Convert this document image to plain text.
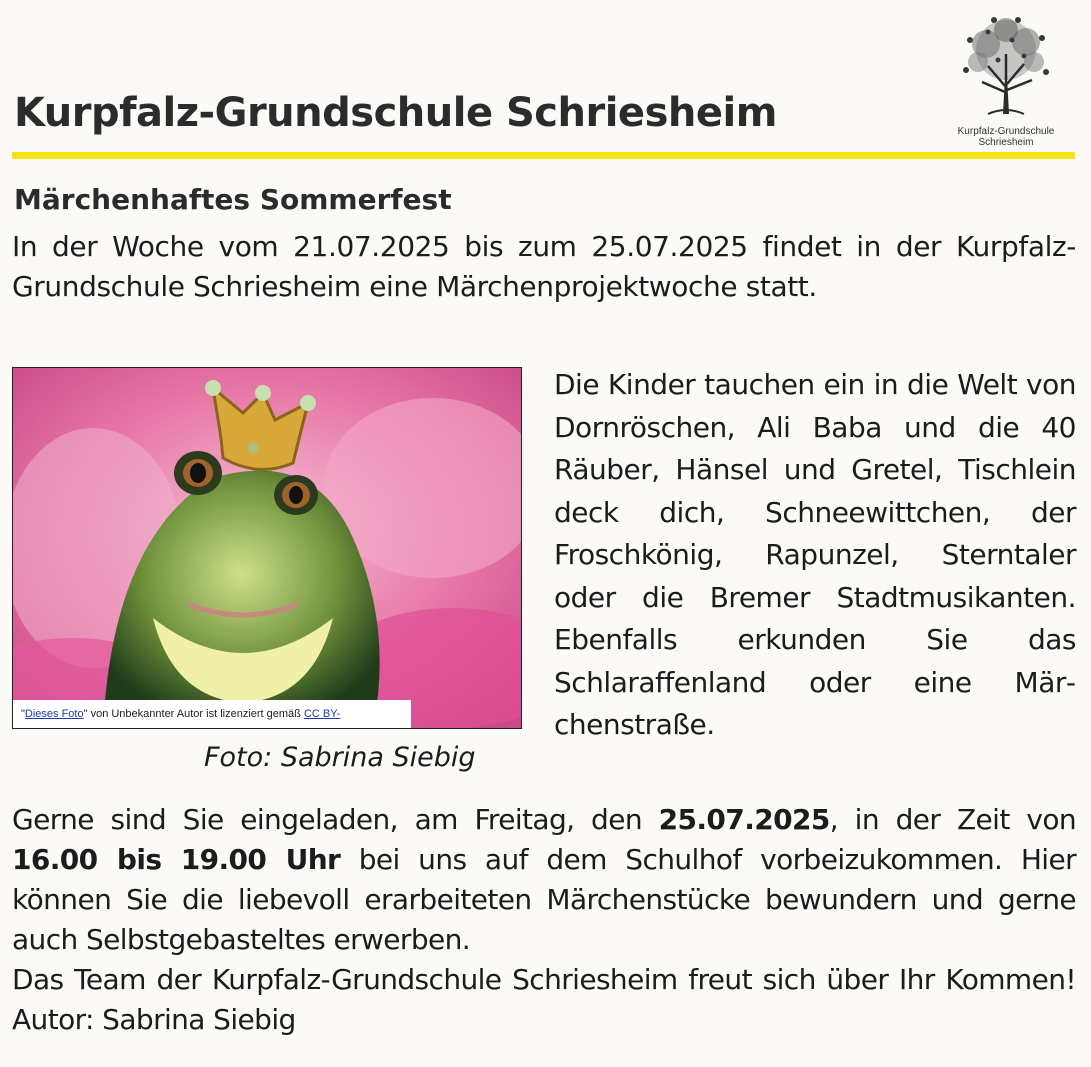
Kurpfalz-Grundschule Schriesheim	Kurpfalz-Grundschule
Schriesheim
Märchenhaftes Sommerfest

In der Woche vom 21.07.2025 bis zum 25.07.2025 findet in der Kurpfalz-Grundschule Schriesheim eine Märchenprojektwoche statt.

"Dieses Foto" von Unbekannter Autor ist lizenziert gemäß CC BY-

Foto: Sabrina Siebig

Die Kinder tauchen ein in die Welt von Dornröschen, Ali Baba und die 40 Räuber, Hänsel und Gretel, Tischlein deck dich, Schneewittchen, der Froschkönig, Rapunzel, Sterntaler oder die Bremer Stadtmusikanten. Ebenfalls erkunden Sie das Schlaraffenland oder eine Märchenstraße.

Gerne sind Sie eingeladen, am Freitag, den 25.07.2025, in der Zeit von 16.00 bis 19.00 Uhr bei uns auf dem Schulhof vorbeizukommen. Hier können Sie die liebevoll erarbeiteten Märchenstücke bewundern und gerne auch Selbstgebasteltes erwerben.

Das Team der Kurpfalz-Grundschule Schriesheim freut sich über Ihr Kommen! Autor: Sabrina Siebig
